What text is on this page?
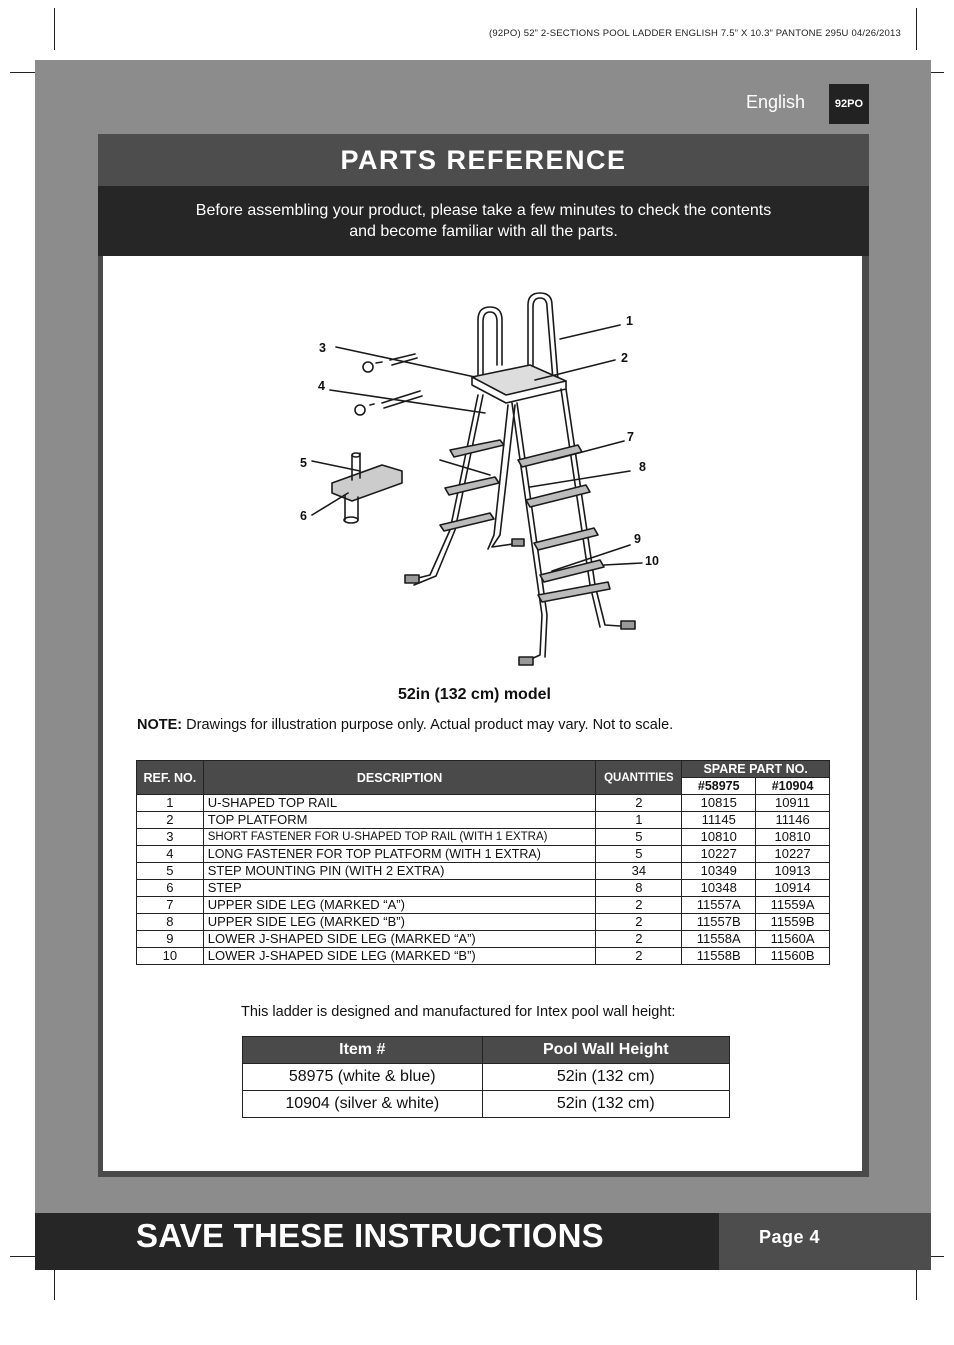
(92PO) 52” 2-SECTIONS POOL LADDER ENGLISH 7.5” X 10.3” PANTONE 295U 04/26/2013
English	92PO
PARTS REFERENCE
Before assembling your product, please take a few minutes to check the contents
and become familiar with all the parts.
1
2
3
4
5
6
7
8
9
10
52in (132 cm) model
NOTE: Drawings for illustration purpose only. Actual product may vary. Not to scale.
REF. NO.	DESCRIPTION	QUANTITIES	SPARE PART NO.	
			#58975	#10904
1	U-SHAPED TOP RAIL	2	10815	10911
2	TOP PLATFORM	1	11145	11146
3	SHORT FASTENER FOR U-SHAPED TOP RAIL (WITH 1 EXTRA)	5	10810	10810
4	LONG FASTENER FOR TOP PLATFORM (WITH 1 EXTRA)	5	10227	10227
5	STEP MOUNTING PIN (WITH 2 EXTRA)	34	10349	10913
6	STEP	8	10348	10914
7	UPPER SIDE LEG (MARKED “A”)	2	11557A	11559A
8	UPPER SIDE LEG (MARKED “B”)	2	11557B	11559B
9	LOWER J-SHAPED SIDE LEG (MARKED “A”)	2	11558A	11560A
10	LOWER J-SHAPED SIDE LEG (MARKED “B”)	2	11558B	11560B
This ladder is designed and manufactured for Intex pool wall height:
Item #	Pool Wall Height
58975 (white & blue)	52in (132 cm)
10904 (silver & white)	52in (132 cm)
SAVE THESE INSTRUCTIONS	Page 4
